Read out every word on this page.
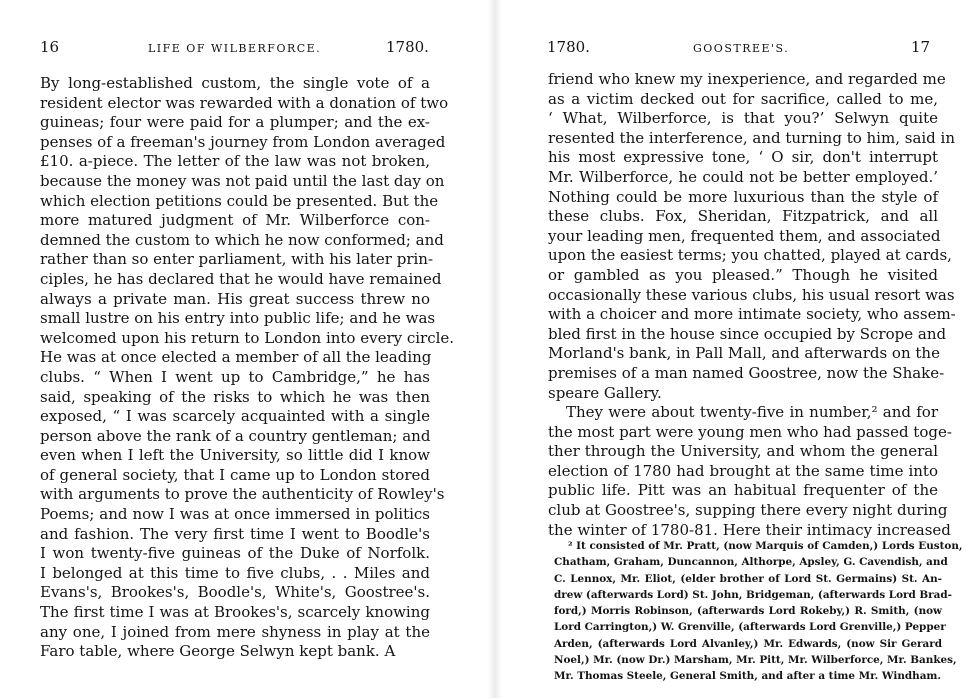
16	LIFE OF WILBERFORCE.	1780.
By long-established custom, the single vote of a
resident elector was rewarded with a donation of two
guineas; four were paid for a plumper; and the ex-
penses of a freeman's journey from London averaged
£10. a-piece. The letter of the law was not broken,
because the money was not paid until the last day on
which election petitions could be presented. But the
more matured judgment of Mr. Wilberforce con-
demned the custom to which he now conformed; and
rather than so enter parliament, with his later prin-
ciples, he has declared that he would have remained
always a private man. His great success threw no
small lustre on his entry into public life; and he was
welcomed upon his return to London into every circle.
He was at once elected a member of all the leading
clubs. “ When I went up to Cambridge,” he has
said, speaking of the risks to which he was then
exposed, “ I was scarcely acquainted with a single
person above the rank of a country gentleman; and
even when I left the University, so little did I know
of general society, that I came up to London stored
with arguments to prove the authenticity of Rowley's
Poems; and now I was at once immersed in politics
and fashion. The very first time I went to Boodle's
I won twenty-five guineas of the Duke of Norfolk.
I belonged at this time to five clubs, . . Miles and
Evans's, Brookes's, Boodle's, White's, Goostree's.
The first time I was at Brookes's, scarcely knowing
any one, I joined from mere shyness in play at the
Faro table, where George Selwyn kept bank. A
1780.	GOOSTREE'S.	17
friend who knew my inexperience, and regarded me
as a victim decked out for sacrifice, called to me,
‘ What, Wilberforce, is that you?’ Selwyn quite
resented the interference, and turning to him, said in
his most expressive tone, ‘ O sir, don't interrupt
Mr. Wilberforce, he could not be better employed.’
Nothing could be more luxurious than the style of
these clubs. Fox, Sheridan, Fitzpatrick, and all
your leading men, frequented them, and associated
upon the easiest terms; you chatted, played at cards,
or gambled as you pleased.” Though he visited
occasionally these various clubs, his usual resort was
with a choicer and more intimate society, who assem-
bled first in the house since occupied by Scrope and
Morland's bank, in Pall Mall, and afterwards on the
premises of a man named Goostree, now the Shake-
speare Gallery.
They were about twenty-five in number,² and for
the most part were young men who had passed toge-
ther through the University, and whom the general
election of 1780 had brought at the same time into
public life. Pitt was an habitual frequenter of the
club at Goostree's, supping there every night during
the winter of 1780-81. Here their intimacy increased
² It consisted of Mr. Pratt, (now Marquis of Camden,) Lords Euston,
Chatham, Graham, Duncannon, Althorpe, Apsley, G. Cavendish, and
C. Lennox, Mr. Eliot, (elder brother of Lord St. Germains) St. An-
drew (afterwards Lord) St. John, Bridgeman, (afterwards Lord Brad-
ford,) Morris Robinson, (afterwards Lord Rokeby,) R. Smith, (now
Lord Carrington,) W. Grenville, (afterwards Lord Grenville,) Pepper
Arden, (afterwards Lord Alvanley,) Mr. Edwards, (now Sir Gerard
Noel,) Mr. (now Dr.) Marsham, Mr. Pitt, Mr. Wilberforce, Mr. Bankes,
Mr. Thomas Steele, General Smith, and after a time Mr. Windham.
